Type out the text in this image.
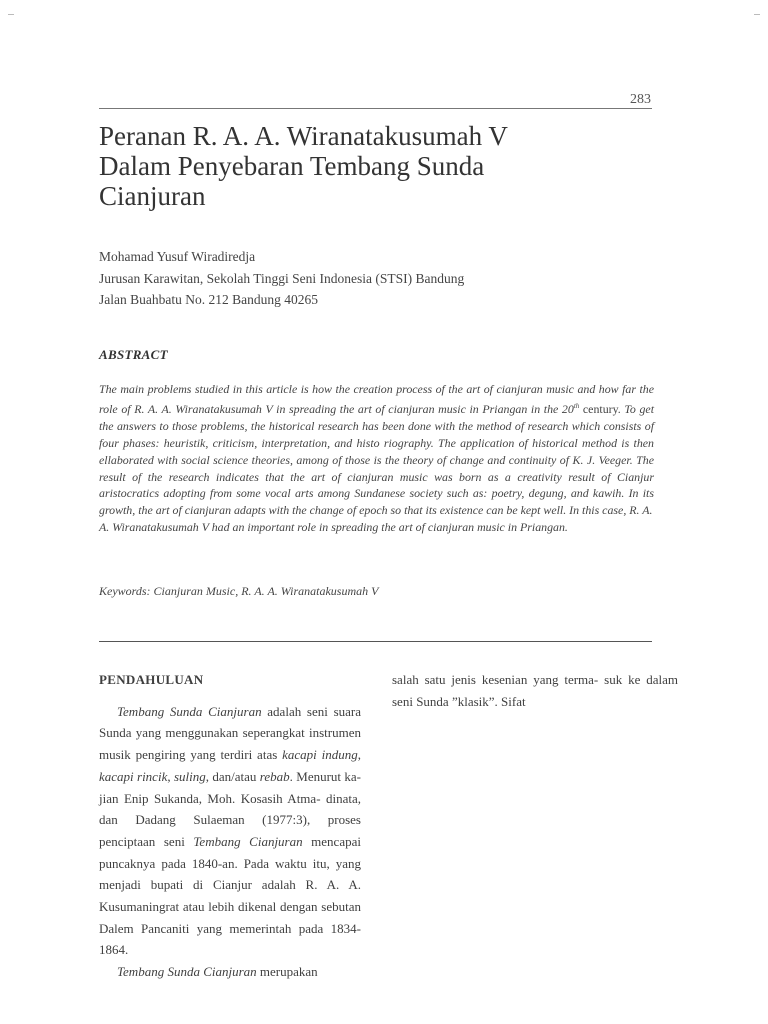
283
Peranan R. A. A. Wiranatakusumah V
Dalam Penyebaran Tembang Sunda
Cianjuran
Mohamad Yusuf Wiradiredja
Jurusan Karawitan, Sekolah Tinggi Seni Indonesia (STSI) Bandung
Jalan Buahbatu No. 212 Bandung 40265
ABSTRACT

The main problems studied in this article is how the creation process of the art of cianjuran music and how far the role of R. A. A. Wiranatakusumah V in spreading the art of cianjuran music in Priangan in the 20th century. To get the answers to those problems, the historical research has been done with the method of research which consists of four phases: heuristik, criticism, interpretation, and histo riography. The application of historical method is then ellaborated with social science theories, among of those is the theory of change and continuity of K. J. Veeger. The result of the research indicates that the art of cianjuran music was born as a creativity result of Cianjur aristocratics adopting from some vocal arts among Sundanese society such as: poetry, degung, and kawih. In its growth, the art of cianjuran adapts with the change of epoch so that its existence can be kept well. In this case, R. A.

A. Wiranatakusumah V had an important role in spreading the art of cianjuran music in Priangan.

Keywords: Cianjuran Music, R. A. A. Wiranatakusumah V
PENDAHULUAN

Tembang Sunda Cianjuran adalah seni suara Sunda yang menggunakan seperangkat instrumen musik pengiring yang terdiri atas kacapi indung, kacapi rincik, suling, dan/atau rebab. Menurut ka- jian Enip Sukanda, Moh. Kosasih Atma- dinata, dan Dadang Sulaeman (1977:3), proses penciptaan seni Tembang Cianjuran mencapai puncaknya pada 1840-an. Pada waktu itu, yang menjadi bupati di Cianjur adalah R. A. A. Kusumaningrat atau lebih dikenal dengan sebutan Dalem Pancaniti yang memerintah pada 1834-1864.

Tembang Sunda Cianjuran merupakan

salah satu jenis kesenian yang terma- suk ke dalam seni Sunda ”klasik”. Sifat
